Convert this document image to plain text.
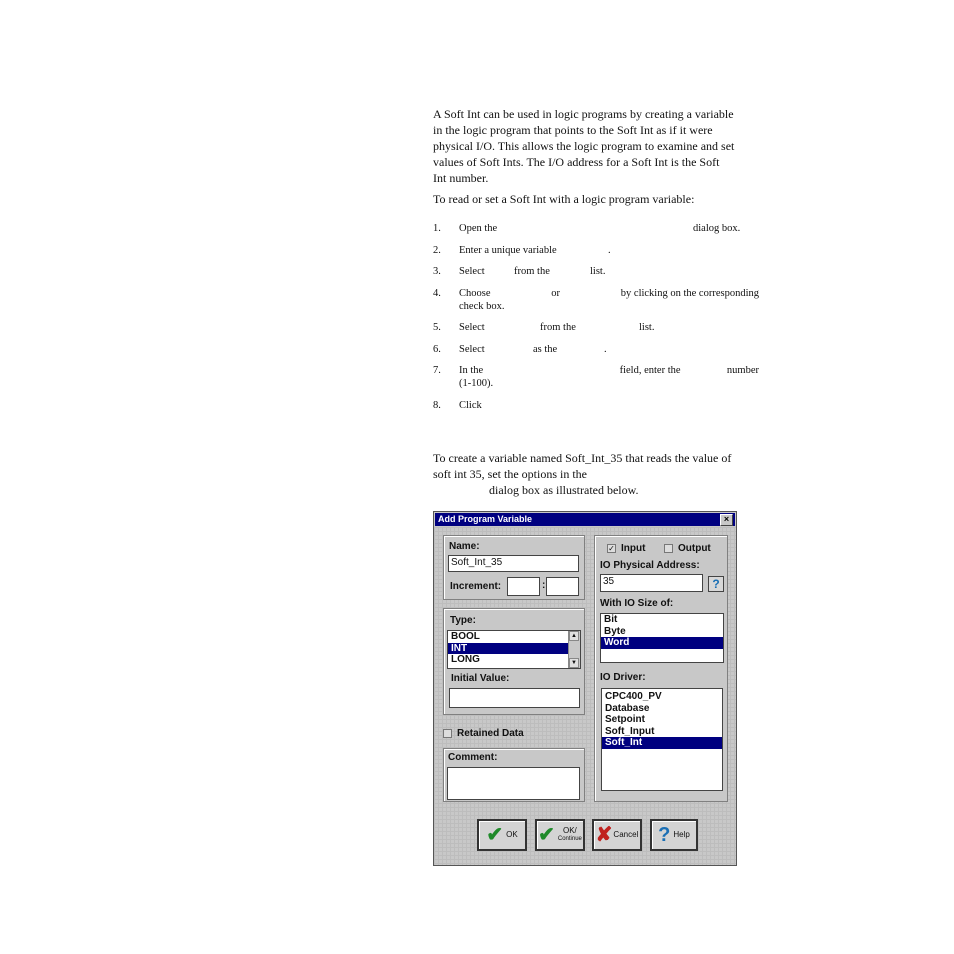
A Soft Int can be used in logic programs by creating a variable
in the logic program that points to the Soft Int as if it were
physical I/O. This allows the logic program to examine and set
values of Soft Ints. The I/O address for a Soft Int is the Soft
Int number.
To read or set a Soft Int with a logic program variable:
1. Open the	dialog box.
2. Enter a unique variable	.
3. Select	from the	list.
4. Choose	or	by clicking on the corresponding
check box.
5. Select	from the	list.
6. Select	as the	.
7. In the	field, enter the	number
(1-100).
8. Click
To create a variable named Soft_Int_35 that reads the value of
soft int 35, set the options in the
dialog box as illustrated below.
Add Program Variable	×
Name:
Soft_Int_35
Increment:	:
Type:
BOOL
INT
LONG
▲
▼
Initial Value:
Retained Data
Comment:
✓ Input	Output
IO Physical Address:
35	?
With IO Size of:
Bit
Byte
Word
IO Driver:
CPC400_PV
Database
Setpoint
Soft_Input
Soft_Int
✔ OK ✔	OK/
Continue ✘ Cancel ? Help
